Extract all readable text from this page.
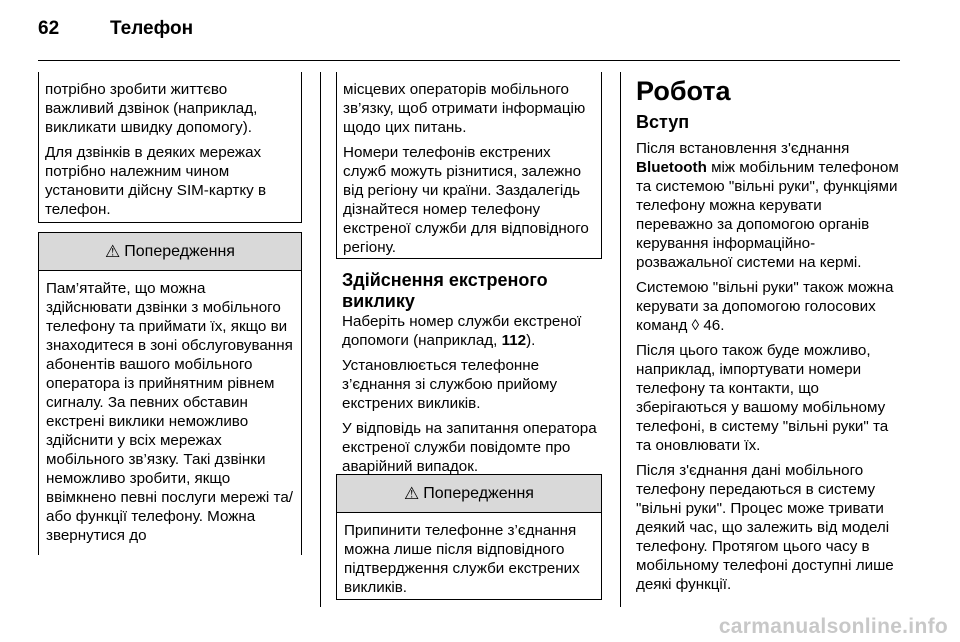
62	Телефон

потрібно зробити життєво
важливий дзвінок (наприклад,
викликати швидку допомогу).

Для дзвінків в деяких мережах потрібно належним чином установити дійсну SIM-картку в телефон.

⚠ Попередження
Пам’ятайте, що можна здійснювати дзвінки з мобільного телефону та приймати їх, якщо ви знаходитеся в зоні обслуговування абонентів вашого мобільного оператора із прийнятним рівнем сигналу. За певних обставин екстрені виклики неможливо здійснити у всіх мережах мобільного зв’язку. Такі дзвінки неможливо зробити, якщо ввімкнено певні послуги мережі та/або функції телефону. Можна звернутися до

місцевих операторів мобільного зв’язку, щоб отримати інформацію щодо цих питань.

Номери телефонів екстрених служб можуть різнитися, залежно від регіону чи країни. Заздалегідь дізнайтеся номер телефону екстреної служби для відповідного регіону.

Здійснення екстреного виклику

Наберіть номер служби екстреної допомоги (наприклад, 112).

Установлюється телефонне з’єднання зі службою прийому екстрених викликів.

У відповідь на запитання оператора екстреної служби повідомте про аварійний випадок.

⚠ Попередження
Припинити телефонне з’єднання можна лише після відповідного підтвердження служби екстрених викликів.

Робота

Вступ

Після встановлення з'єднання Bluetooth між мобільним телефоном та системою "вільні руки", функціями телефону можна керувати переважно за допомогою органів керування інформаційно-розважальної системи на кермі.

Системою "вільні руки" також можна керувати за допомогою голосових команд ◊ 46.

Після цього також буде можливо, наприклад, імпортувати номери телефону та контакти, що зберігаються у вашому мобільному телефоні, в систему "вільні руки" та та оновлювати їх.

Після з'єднання дані мобільного телефону передаються в систему "вільні руки". Процес може тривати деякий час, що залежить від моделі телефону. Протягом цього часу в мобільному телефоні доступні лише деякі функції.

carmanualsonline.info
